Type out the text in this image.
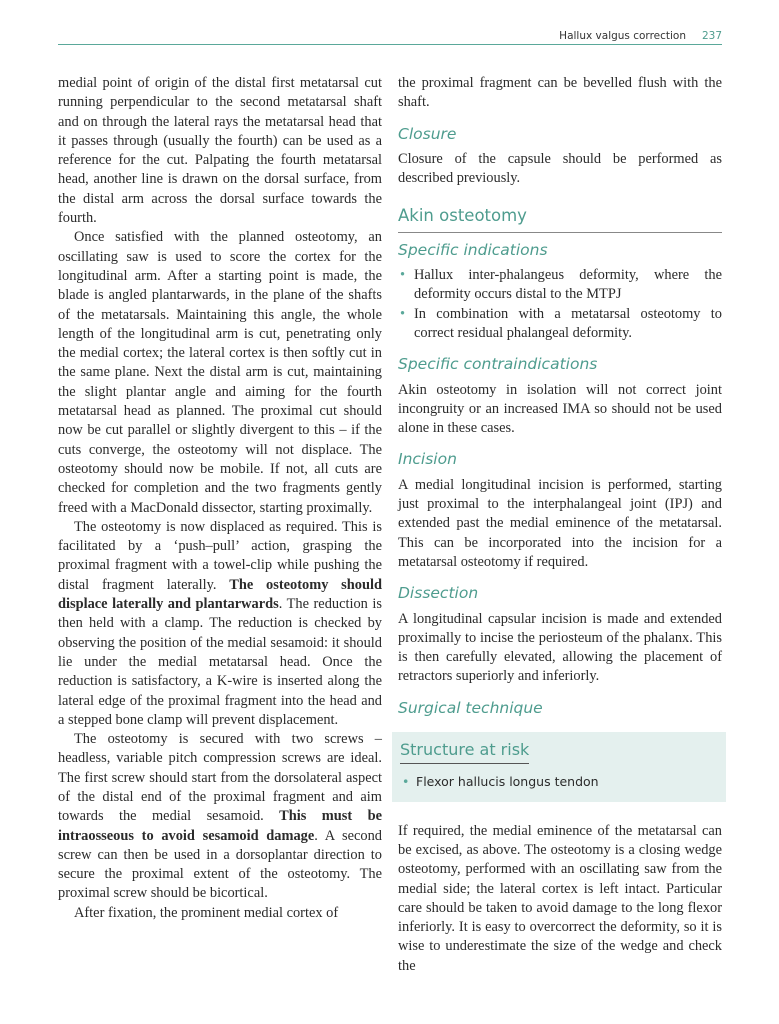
Hallux valgus correction 237

medial point of origin of the distal first metatarsal cut running perpendicular to the second metatarsal shaft and on through the lateral rays the metatarsal head that it passes through (usually the fourth) can be used as a reference for the cut. Palpating the fourth metatarsal head, another line is drawn on the dorsal surface, from the distal arm across the dorsal surface towards the fourth.

Once satisfied with the planned osteotomy, an oscillating saw is used to score the cortex for the longitudinal arm. After a starting point is made, the blade is angled plantarwards, in the plane of the shafts of the metatarsals. Maintaining this angle, the whole length of the longitudinal arm is cut, penetrating only the medial cortex; the lateral cortex is then softly cut in the same plane. Next the distal arm is cut, maintaining the slight plantar angle and aiming for the fourth metatarsal head as planned. The proximal cut should now be cut parallel or slightly divergent to this – if the cuts converge, the osteotomy will not displace. The osteotomy should now be mobile. If not, all cuts are checked for completion and the two fragments gently freed with a MacDonald dissector, starting proximally.

The osteotomy is now displaced as required. This is facilitated by a ‘push–pull’ action, grasping the proximal fragment with a towel-clip while pushing the distal fragment laterally. The osteotomy should displace laterally and plantarwards. The reduction is then held with a clamp. The reduction is checked by observing the position of the medial sesamoid: it should lie under the medial metatarsal head. Once the reduction is satisfactory, a K-wire is inserted along the lateral edge of the proximal fragment into the head and a stepped bone clamp will prevent displacement.

The osteotomy is secured with two screws – headless, variable pitch compression screws are ideal. The first screw should start from the dorsolateral aspect of the distal end of the proximal fragment and aim towards the medial sesamoid. This must be intraosseous to avoid sesamoid damage. A second screw can then be used in a dorsoplantar direction to secure the proximal extent of the osteotomy. The proximal screw should be bicortical.

After fixation, the prominent medial cortex of

the proximal fragment can be bevelled flush with the shaft.

Closure

Closure of the capsule should be performed as described previously.

Akin osteotomy
Specific indications
• Hallux inter-phalangeus deformity, where the deformity occurs distal to the MTPJ
• In combination with a metatarsal osteotomy to correct residual phalangeal deformity.
Specific contraindications

Akin osteotomy in isolation will not correct joint incongruity or an increased IMA so should not be used alone in these cases.

Incision

A medial longitudinal incision is performed, starting just proximal to the interphalangeal joint (IPJ) and extended past the medial eminence of the metatarsal. This can be incorporated into the incision for a metatarsal osteotomy if required.

Dissection

A longitudinal capsular incision is made and extended proximally to incise the periosteum of the phalanx. This is then carefully elevated, allowing the placement of retractors superiorly and inferiorly.

Surgical technique
Structure at risk
• Flexor hallucis longus tendon

If required, the medial eminence of the metatarsal can be excised, as above. The osteotomy is a closing wedge osteotomy, performed with an oscillating saw from the medial side; the lateral cortex is left intact. Particular care should be taken to avoid damage to the long flexor inferiorly. It is easy to overcorrect the deformity, so it is wise to underestimate the size of the wedge and check the
